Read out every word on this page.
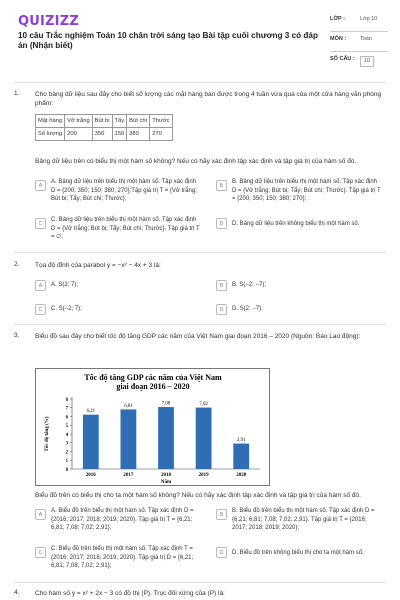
QUIZIZZ
10 câu Trắc nghiệm Toán 10 chân trời sáng tạo Bài tập cuối chương 3 có đáp án (Nhận biết)
LỚP :	Lớp 10
MÔN :	Toán
SỐ CÂU :	10
1. Cho bảng dữ liệu sau đây cho biết số lượng các mặt hàng bán được trong 4 tuần vừa qua của một cửa hàng văn phòng phẩm:
Mặt hàng	Vở trắng	Bút bi	Tẩy	Bút chì	Thước
Số lượng	200	350	150	380	270
Bảng dữ liệu trên có biểu thị một hàm số không? Nếu có hãy xác định tập xác định và tập giá trị của hàm số đó.
A
A. Bảng dữ liệu trên biểu thị một hàm số. Tập xác định D = {200; 350; 150; 380; 270};Tập giá trị T = {Vở trắng; Bút bi; Tẩy; Bút chì; Thước};
B
B. Bảng dữ liệu trên biểu thị một hàm số. Tập xác định D = {Vở trắng; Bút bi; Tẩy; Bút chì; Thước}. Tập giá trị T = {200; 350; 150; 380; 270};
C
C. Bảng dữ liệu trên biểu thị một hàm số. Tập xác định D = {Vở trắng; Bút bi; Tẩy; Bút chì; Thước}. Tập giá trị T = ∅;
D	D. Bảng dữ liệu trên không biểu thị một hàm số.
2. Tọa độ đỉnh của parabol y = −x² − 4x + 3 là:
A	A. S(2; 7);	B	B. S(−2; −7);
C	C. S(−2; 7);	D	D. S(2; −7).
3. Biểu đồ sau đây cho biết tốc độ tăng GDP các năm của Việt Nam giai đoạn 2016 – 2020 (Nguồn: Báo Lao động):
Tốc độ tăng GDP các năm của Việt Nam
giai đoạn 2016 – 2020
0
1
2
3
4
5
6
7
8
Tốc độ tăng (%)
6,21
2016
6,81
2017
7,08
2018
7,02
2019
2,91
2020
Năm
Biểu đồ trên có biểu thị cho ta một hàm số không? Nếu có hãy xác định tập xác định và tập giá trị của hàm số đó.
A
A. Biểu đồ trên biểu thị một hàm số. Tập xác định D = {2016; 2017; 2018; 2019; 2020}. Tập giá trị T = {6,21; 6,81; 7,08; 7,02; 2,91};
B
B. Biểu đồ trên biểu thị một hàm số. Tập xác định D = {6,21; 6,81; 7,08; 7,02; 2,91}. Tập giá trị T = {2016; 2017; 2018; 2019; 2020};
C
C. Biểu đồ trên biểu thị một hàm số. Tập xác định T = {2016; 2017; 2018; 2019; 2020}. Tập giá trị D = {6,21; 6,81; 7,08; 7,02; 2,91};
D	D. Biểu đồ trên không biểu thị cho ta một hàm số.
4. Cho hàm số y = x² + 2x − 3 có đồ thị (P). Trục đối xứng của (P) là:
